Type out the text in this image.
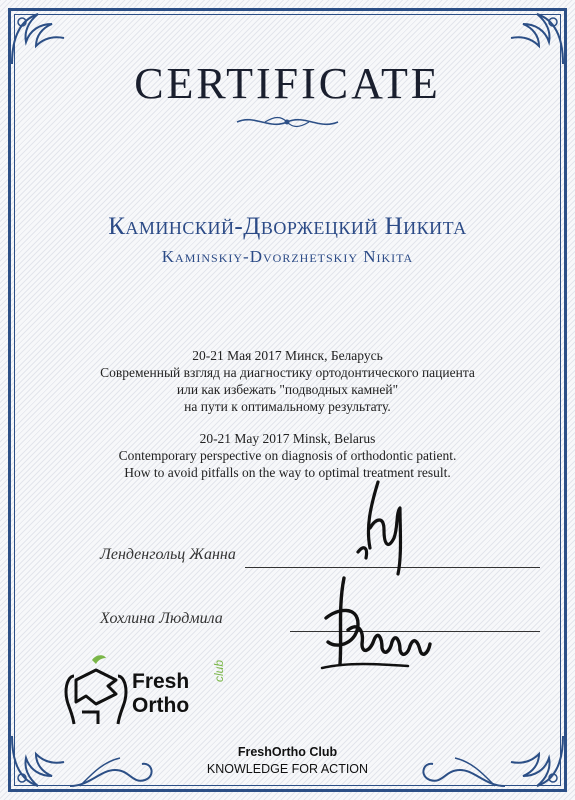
CERTIFICATE
Каминский-Дворжецкий Никита
Kaminskiy-Dvorzhetskiy Nikita
20-21 Мая 2017 Минск, Беларусь
Современный взгляд на диагностику ортодонтического пациента
или как избежать "подводных камней"
на пути к оптимальному результату.
20-21 May 2017 Minsk, Belarus
Contemporary perspective on diagnosis of orthodontic patient.
How to avoid pitfalls on the way to optimal treatment result.
Ленденгольц Жанна
Хохлина Людмила
Fresh
Ortho
club
FreshOrtho Club
KNOWLEDGE FOR ACTION
